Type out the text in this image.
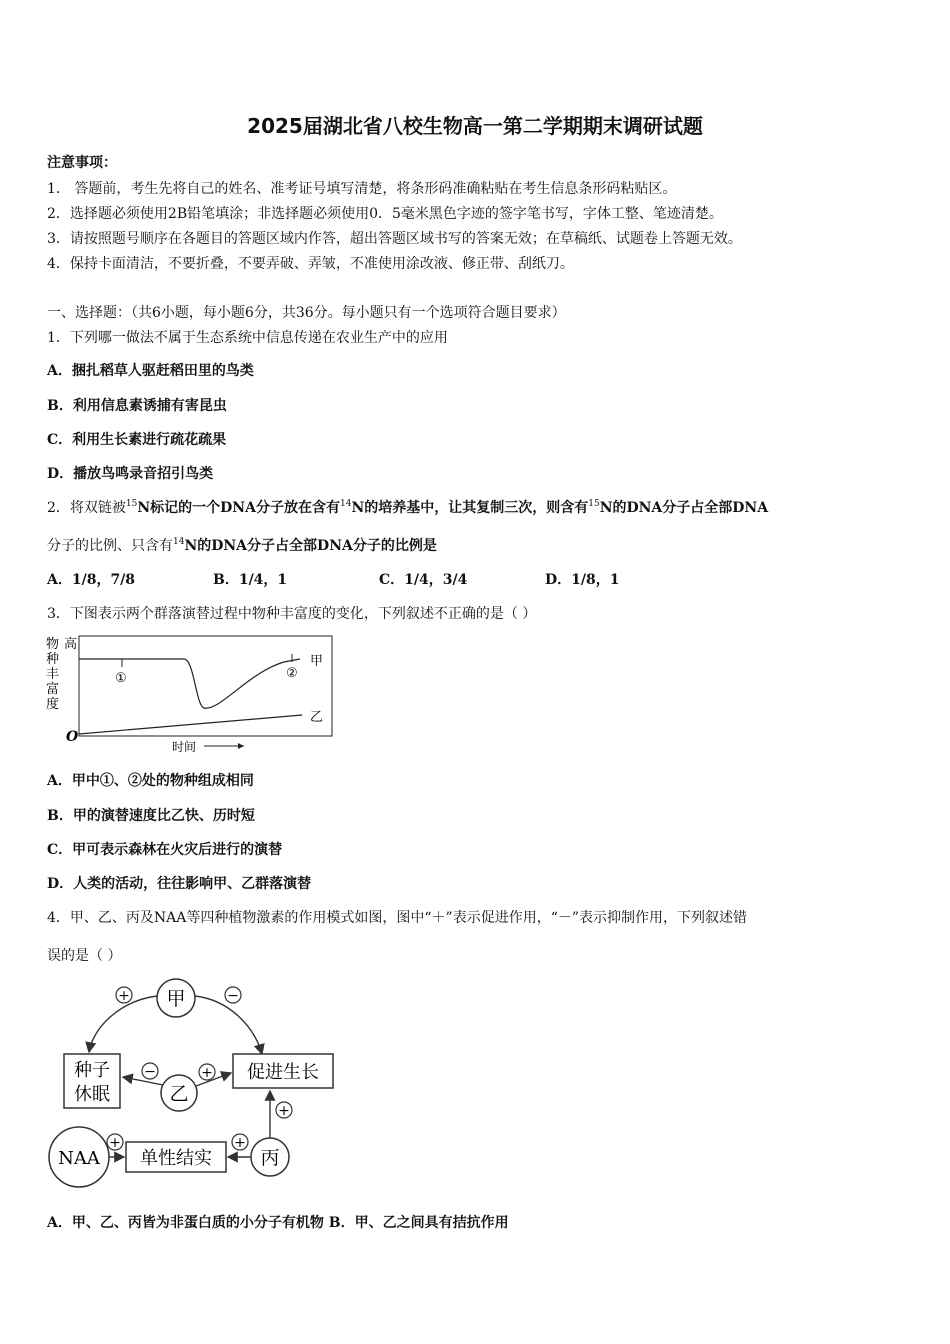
2025届湖北省八校生物高一第二学期期末调研试题
注意事项：
1． 答题前，考生先将自己的姓名、准考证号填写清楚，将条形码准确粘贴在考生信息条形码粘贴区。
2．选择题必须使用2B铅笔填涂；非选择题必须使用0．5毫米黑色字迹的签字笔书写，字体工整、笔迹清楚。
3．请按照题号顺序在各题目的答题区域内作答，超出答题区域书写的答案无效；在草稿纸、试题卷上答题无效。
4．保持卡面清洁，不要折叠，不要弄破、弄皱，不准使用涂改液、修正带、刮纸刀。
一、选择题：（共6小题，每小题6分，共36分。每小题只有一个选项符合题目要求）
1．下列哪一做法不属于生态系统中信息传递在农业生产中的应用
A．捆扎稻草人驱赶稻田里的鸟类
B．利用信息素诱捕有害昆虫
C．利用生长素进行疏花疏果
D．播放鸟鸣录音招引鸟类
2．将双链被$^{15}$N标记的一个DNA分子放在含有$^{14}$N的培养基中，让其复制三次，则含有$^{15}$N的DNA分子占全部DNA
分子的比例、只含有$^{14}$N的DNA分子占全部DNA分子的比例是
A．1/8，7/8	B．1/4，1	C．1/4，3/4	D．1/8，1
3．下图表示两个群落演替过程中物种丰富度的变化，下列叙述不正确的是（ ）
物
种
丰
富
度
高
O
①	②
甲
乙
时间
A．甲中①、②处的物种组成相同
B．甲的演替速度比乙快、历时短
C．甲可表示森林在火灾后进行的演替
D．人类的活动，往往影响甲、乙群落演替
4．甲、乙、丙及NAA等四种植物激素的作用模式如图，图中“＋”表示促进作用，“－”表示抑制作用，下列叙述错
误的是（ ）
甲
+	−
种子
休眠
促进生长
乙
−	+
NAA 单性结实	丙
+	+
+
A．甲、乙、丙皆为非蛋白质的小分子有机物 B．甲、乙之间具有拮抗作用
